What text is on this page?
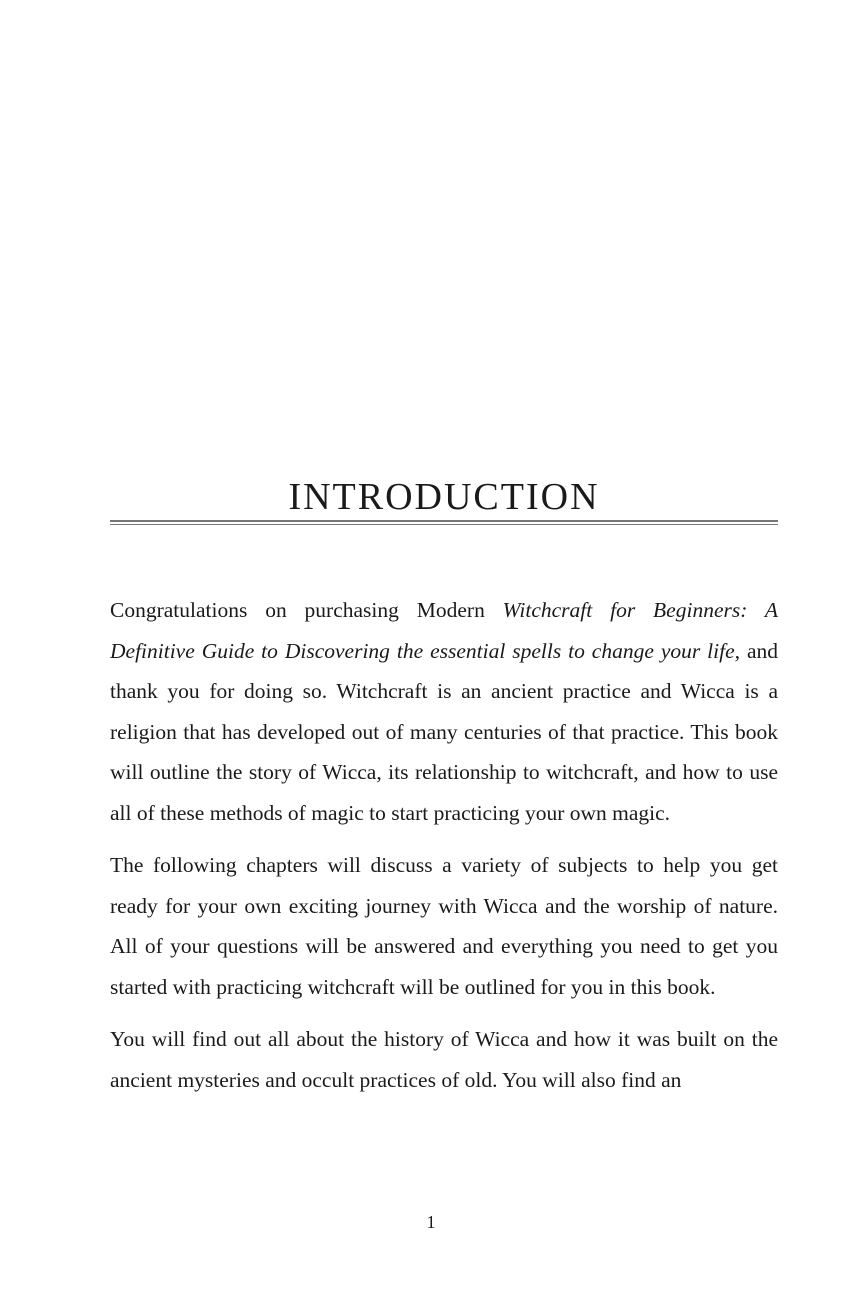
INTRODUCTION

Congratulations on purchasing Modern Witchcraft for Beginners: A Definitive Guide to Discovering the essential spells to change your life, and thank you for doing so. Witchcraft is an ancient practice and Wicca is a religion that has developed out of many centuries of that practice. This book will outline the story of Wicca, its relationship to witchcraft, and how to use all of these methods of magic to start practicing your own magic.

The following chapters will discuss a variety of subjects to help you get ready for your own exciting journey with Wicca and the worship of nature. All of your questions will be answered and everything you need to get you started with practicing witchcraft will be outlined for you in this book.

You will find out all about the history of Wicca and how it was built on the ancient mysteries and occult practices of old. You will also find an

1
